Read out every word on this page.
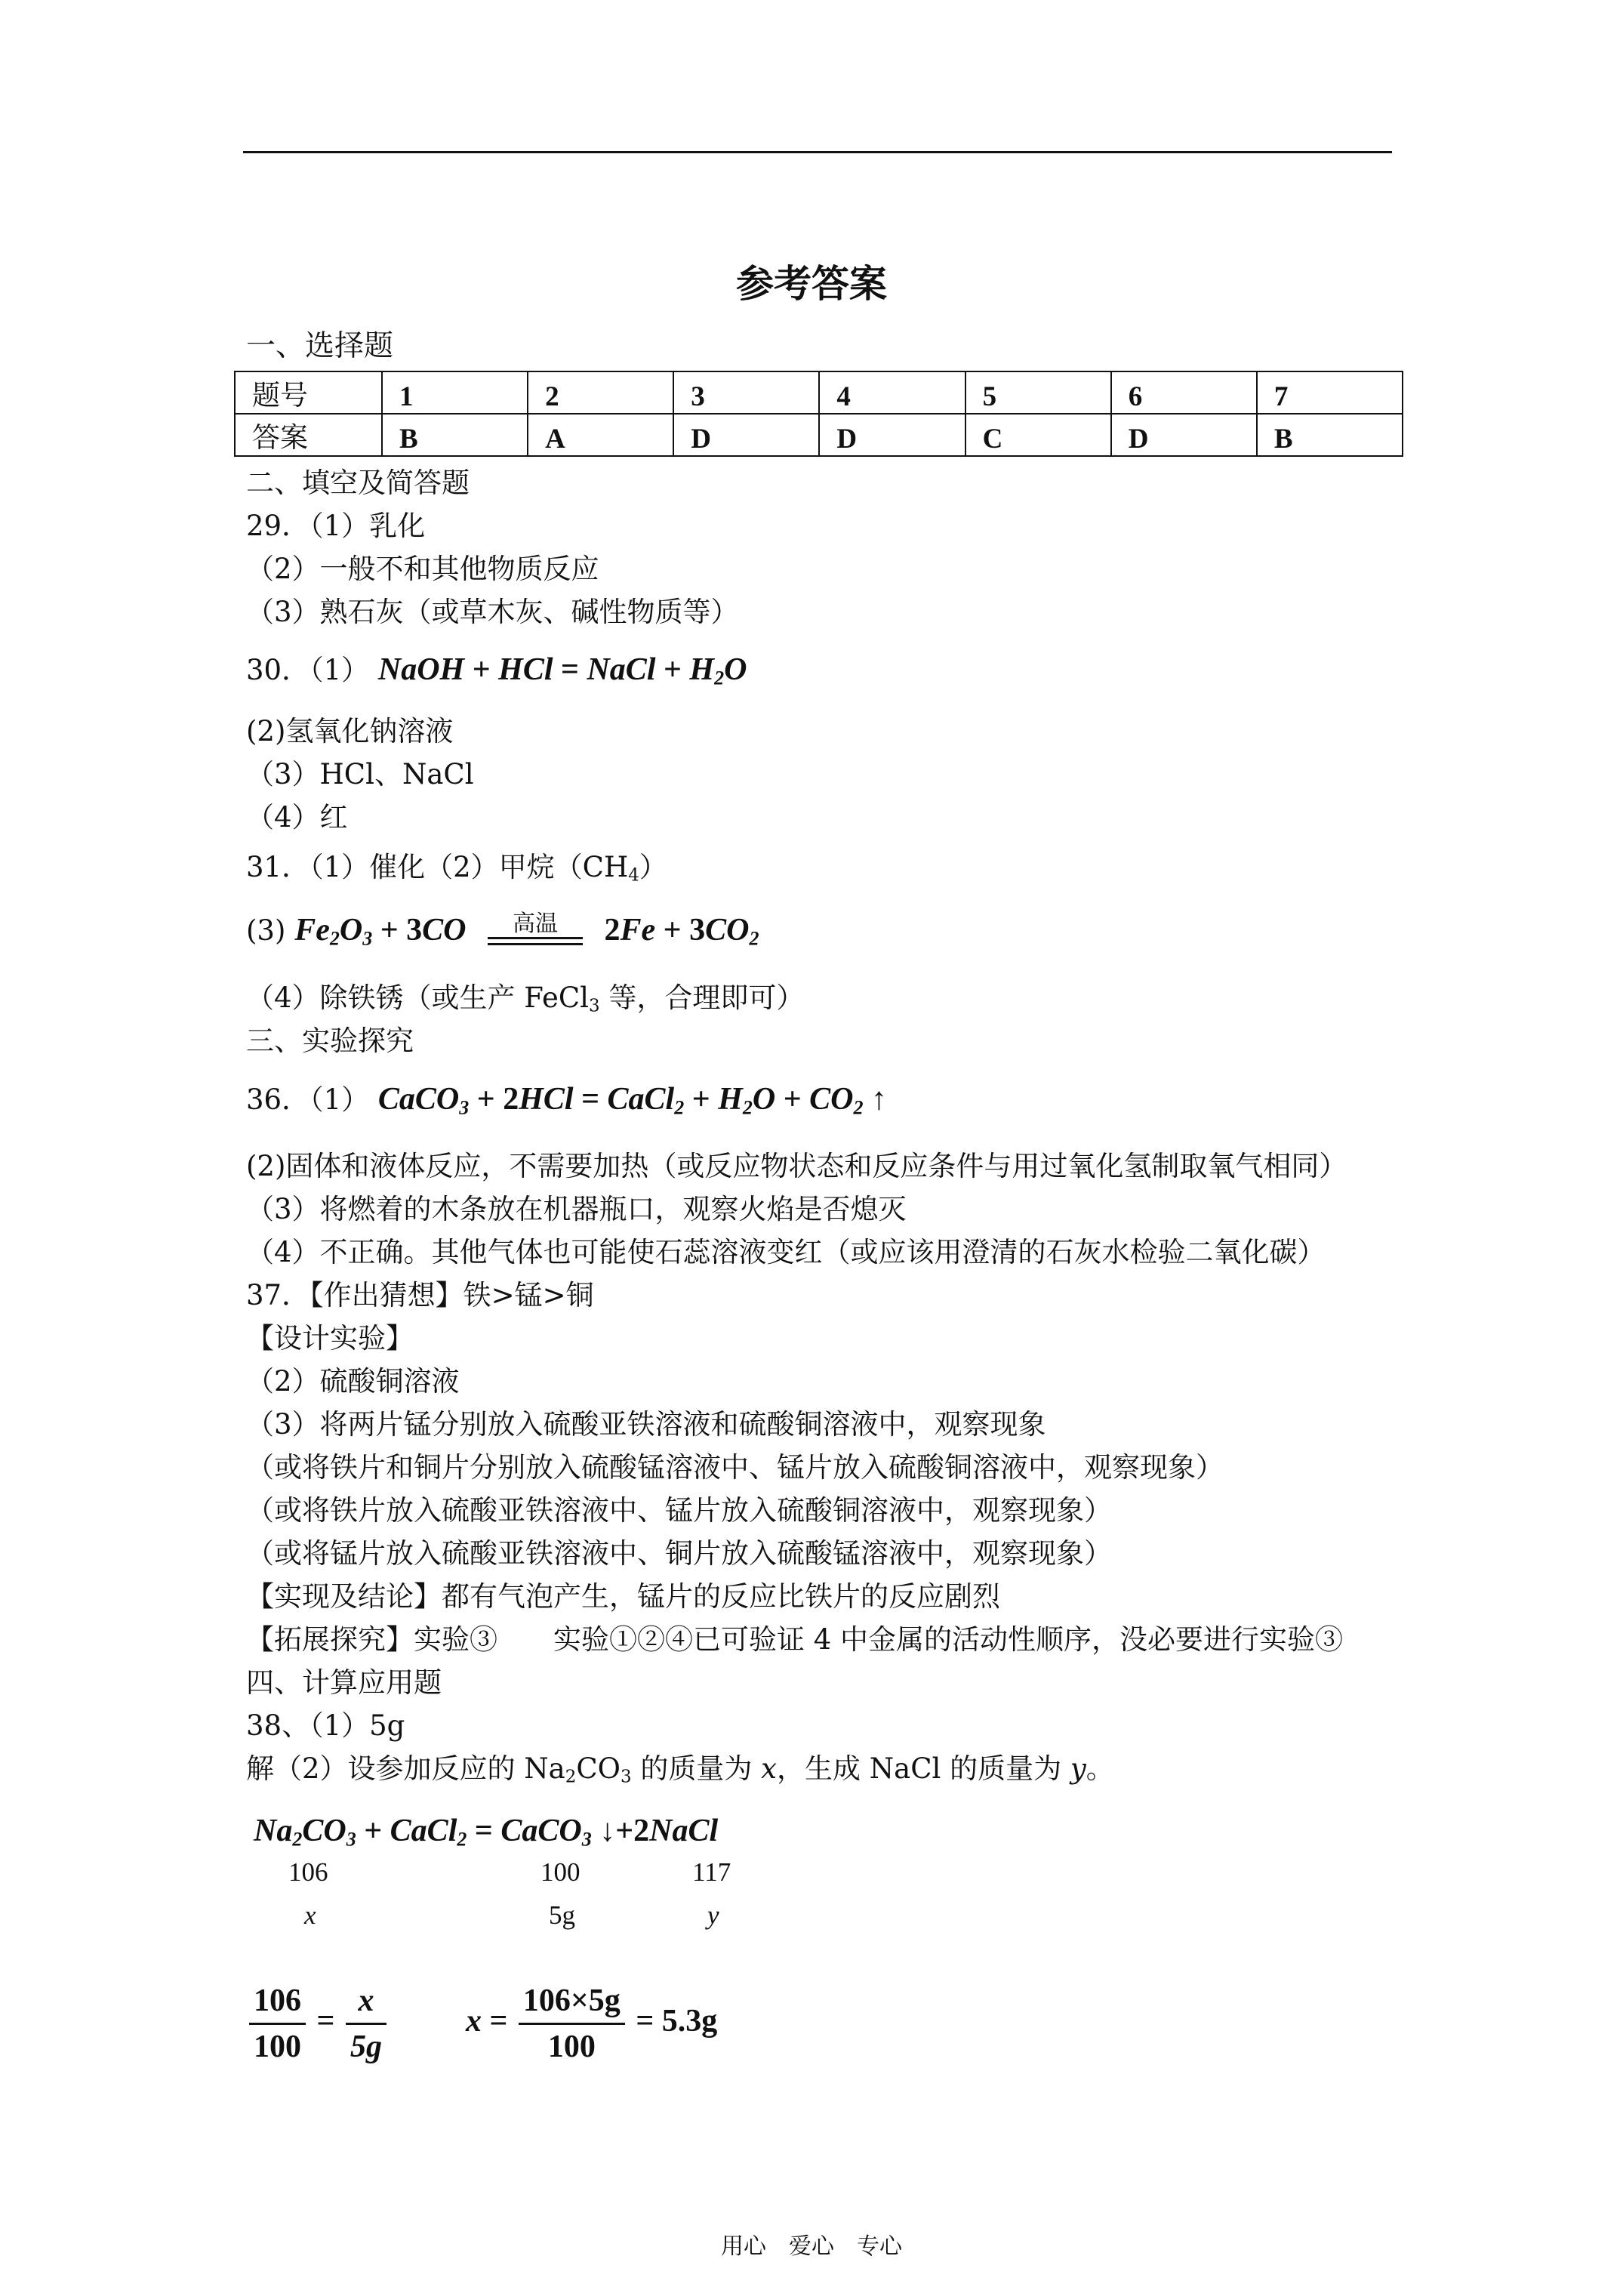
参考答案
一、选择题
题号	1	2	3	4	5	6	7
答案	B	A	D	D	C	D	B
二、填空及简答题
29．（1）乳化
（2）一般不和其他物质反应
（3）熟石灰（或草木灰、碱性物质等）
30．（1） NaOH + HCl = NaCl + $H_2O$
(2)氢氧化钠溶液
（3）HCl、NaCl
（4）红
31．（1）催化（2）甲烷$(CH_4)$
(3) $Fe_2O_3 + 3CO$	高温	$2Fe + 3CO_2$
（4）除铁锈（或生产 FeCl$_3$ 等，合理即可）
三、实验探究
36．（1） CaCO$_3$ + 2HCl = CaCl$_2$ + $H_2O + CO_2$ ↑
(2)固体和液体反应，不需要加热（或反应物状态和反应条件与用过氧化氢制取氧气相同）
（3）将燃着的木条放在机器瓶口，观察火焰是否熄灭
（4）不正确。其他气体也可能使石蕊溶液变红（或应该用澄清的石灰水检验二氧化碳）
37．【作出猜想】铁>锰>铜
【设计实验】
（2）硫酸铜溶液
（3）将两片锰分别放入硫酸亚铁溶液和硫酸铜溶液中，观察现象
（或将铁片和铜片分别放入硫酸锰溶液中、锰片放入硫酸铜溶液中，观察现象）
（或将铁片放入硫酸亚铁溶液中、锰片放入硫酸铜溶液中，观察现象）
（或将锰片放入硫酸亚铁溶液中、铜片放入硫酸锰溶液中，观察现象）
【实现及结论】都有气泡产生，锰片的反应比铁片的反应剧烈
【拓展探究】实验③　　实验①②④已可验证 4 中金属的活动性顺序，没必要进行实验③
四、计算应用题
38、（1）5g
解（2）设参加反应的 $Na_2CO_3$ 的质量为 x，生成 NaCl 的质量为 y。
$Na_2CO_3$ + CaCl$_2$ = CaCO$_3$ ↓+2NaCl
106	100	117
x	5g	y
$\frac{106}{100} = \frac{x}{5g}$	$x = \frac{106\times 5g}{100} = 5.3g$
用心　爱心　专心
